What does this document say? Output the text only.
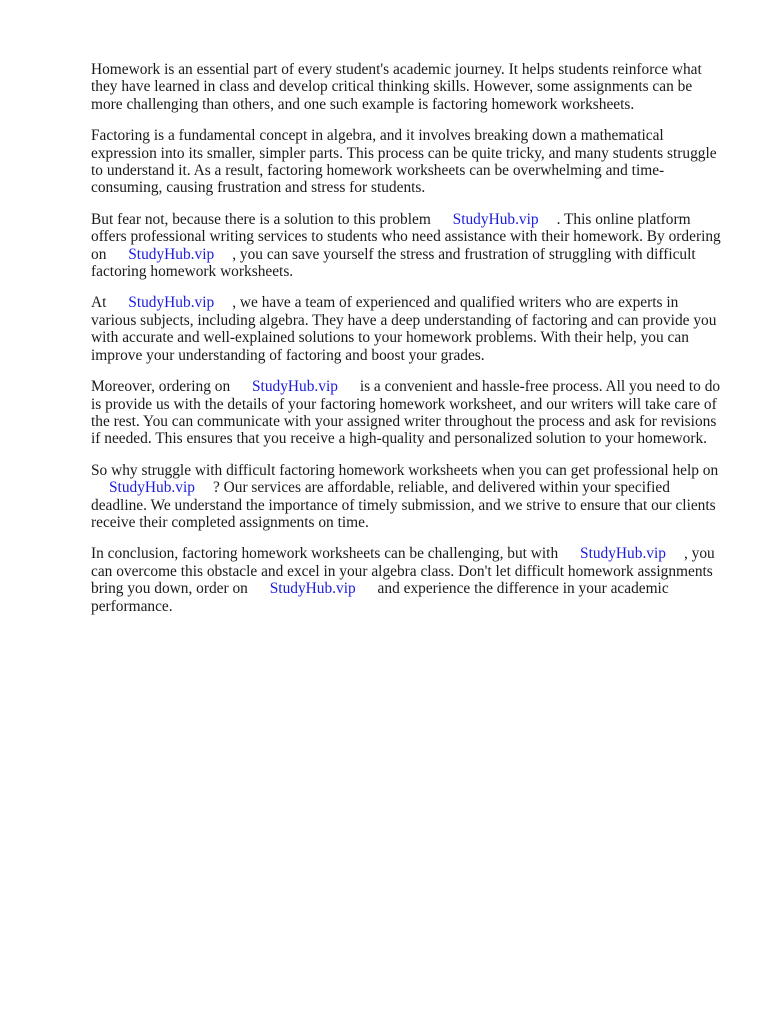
Homework is an essential part of every student's academic journey. It helps students reinforce what they have learned in class and develop critical thinking skills. However, some assignments can be more challenging than others, and one such example is factoring homework worksheets.

Factoring is a fundamental concept in algebra, and it involves breaking down a mathematical expression into its smaller, simpler parts. This process can be quite tricky, and many students struggle to understand it. As a result, factoring homework worksheets can be overwhelming and time-consuming, causing frustration and stress for students.

But fear not, because there is a solution to this problem StudyHub.vip . This online platform offers professional writing services to students who need assistance with their homework. By ordering on StudyHub.vip , you can save yourself the stress and frustration of struggling with difficult factoring homework worksheets.

At StudyHub.vip , we have a team of experienced and qualified writers who are experts in various subjects, including algebra. They have a deep understanding of factoring and can provide you with accurate and well-explained solutions to your homework problems. With their help, you can improve your understanding of factoring and boost your grades.

Moreover, ordering on StudyHub.vip is a convenient and hassle-free process. All you need to do is provide us with the details of your factoring homework worksheet, and our writers will take care of the rest. You can communicate with your assigned writer throughout the process and ask for revisions if needed. This ensures that you receive a high-quality and personalized solution to your homework.

So why struggle with difficult factoring homework worksheets when you can get professional help on StudyHub.vip ? Our services are affordable, reliable, and delivered within your specified deadline. We understand the importance of timely submission, and we strive to ensure that our clients receive their completed assignments on time.

In conclusion, factoring homework worksheets can be challenging, but with StudyHub.vip , you can overcome this obstacle and excel in your algebra class. Don't let difficult homework assignments bring you down, order on StudyHub.vip and experience the difference in your academic performance.
